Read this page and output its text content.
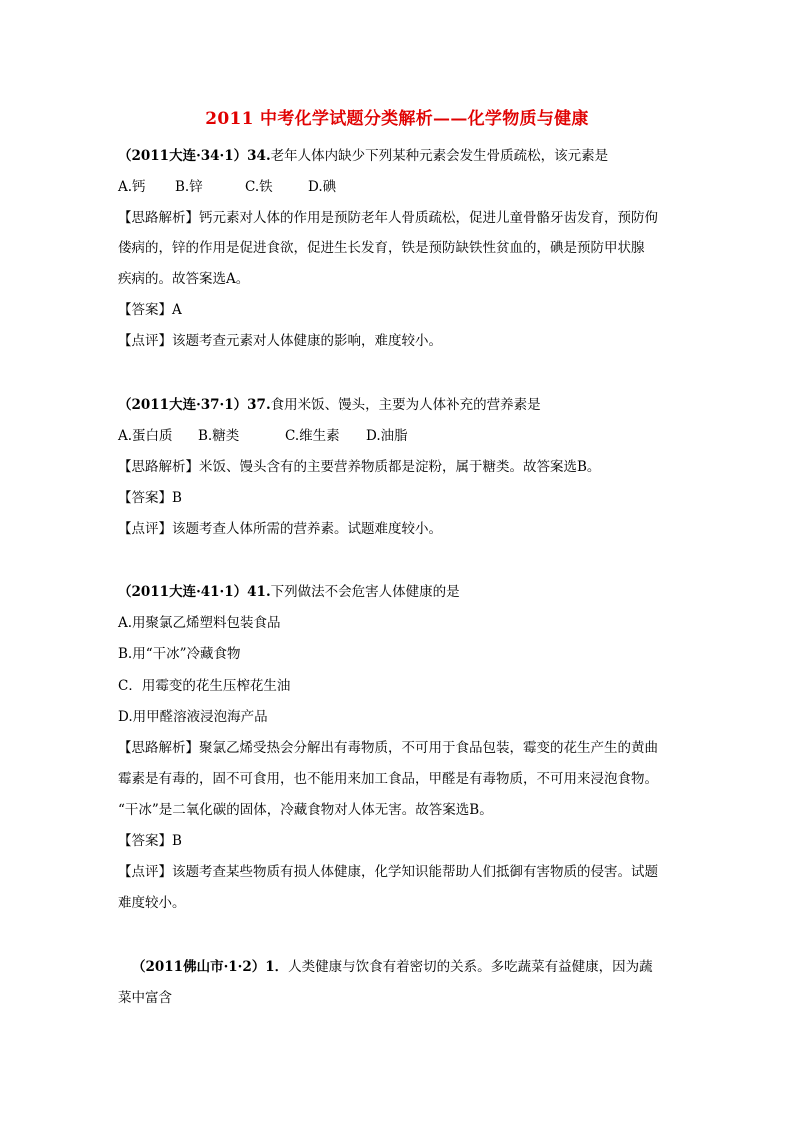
2011 中考化学试题分类解析——化学物质与健康
（2011大连·34·1）34.老年人体内缺少下列某种元素会发生骨质疏松，该元素是
A.钙 B.锌	C.铁	D.碘
【思路解析】钙元素对人体的作用是预防老年人骨质疏松，促进儿童骨骼牙齿发育，预防佝
偻病的，锌的作用是促进食欲，促进生长发育，铁是预防缺铁性贫血的，碘是预防甲状腺
疾病的。故答案选A。
【答案】A
【点评】该题考查元素对人体健康的影响，难度较小。
（2011大连·37·1）37.食用米饭、馒头，主要为人体补充的营养素是
A.蛋白质 B.糖类	C.维生素 D.油脂
【思路解析】米饭、馒头含有的主要营养物质都是淀粉，属于糖类。故答案选B。
【答案】B
【点评】该题考查人体所需的营养素。试题难度较小。
（2011大连·41·1）41.下列做法不会危害人体健康的是
A.用聚氯乙烯塑料包装食品
B.用“干冰”冷藏食物
C．用霉变的花生压榨花生油
D.用甲醛溶液浸泡海产品
【思路解析】聚氯乙烯受热会分解出有毒物质，不可用于食品包装，霉变的花生产生的黄曲
霉素是有毒的，固不可食用，也不能用来加工食品，甲醛是有毒物质，不可用来浸泡食物。
“干冰”是二氧化碳的固体，冷藏食物对人体无害。故答案选B。
【答案】B
【点评】该题考查某些物质有损人体健康，化学知识能帮助人们抵御有害物质的侵害。试题
难度较小。
（2011佛山市·1·2）1．人类健康与饮食有着密切的关系。多吃蔬菜有益健康，因为蔬
菜中富含
